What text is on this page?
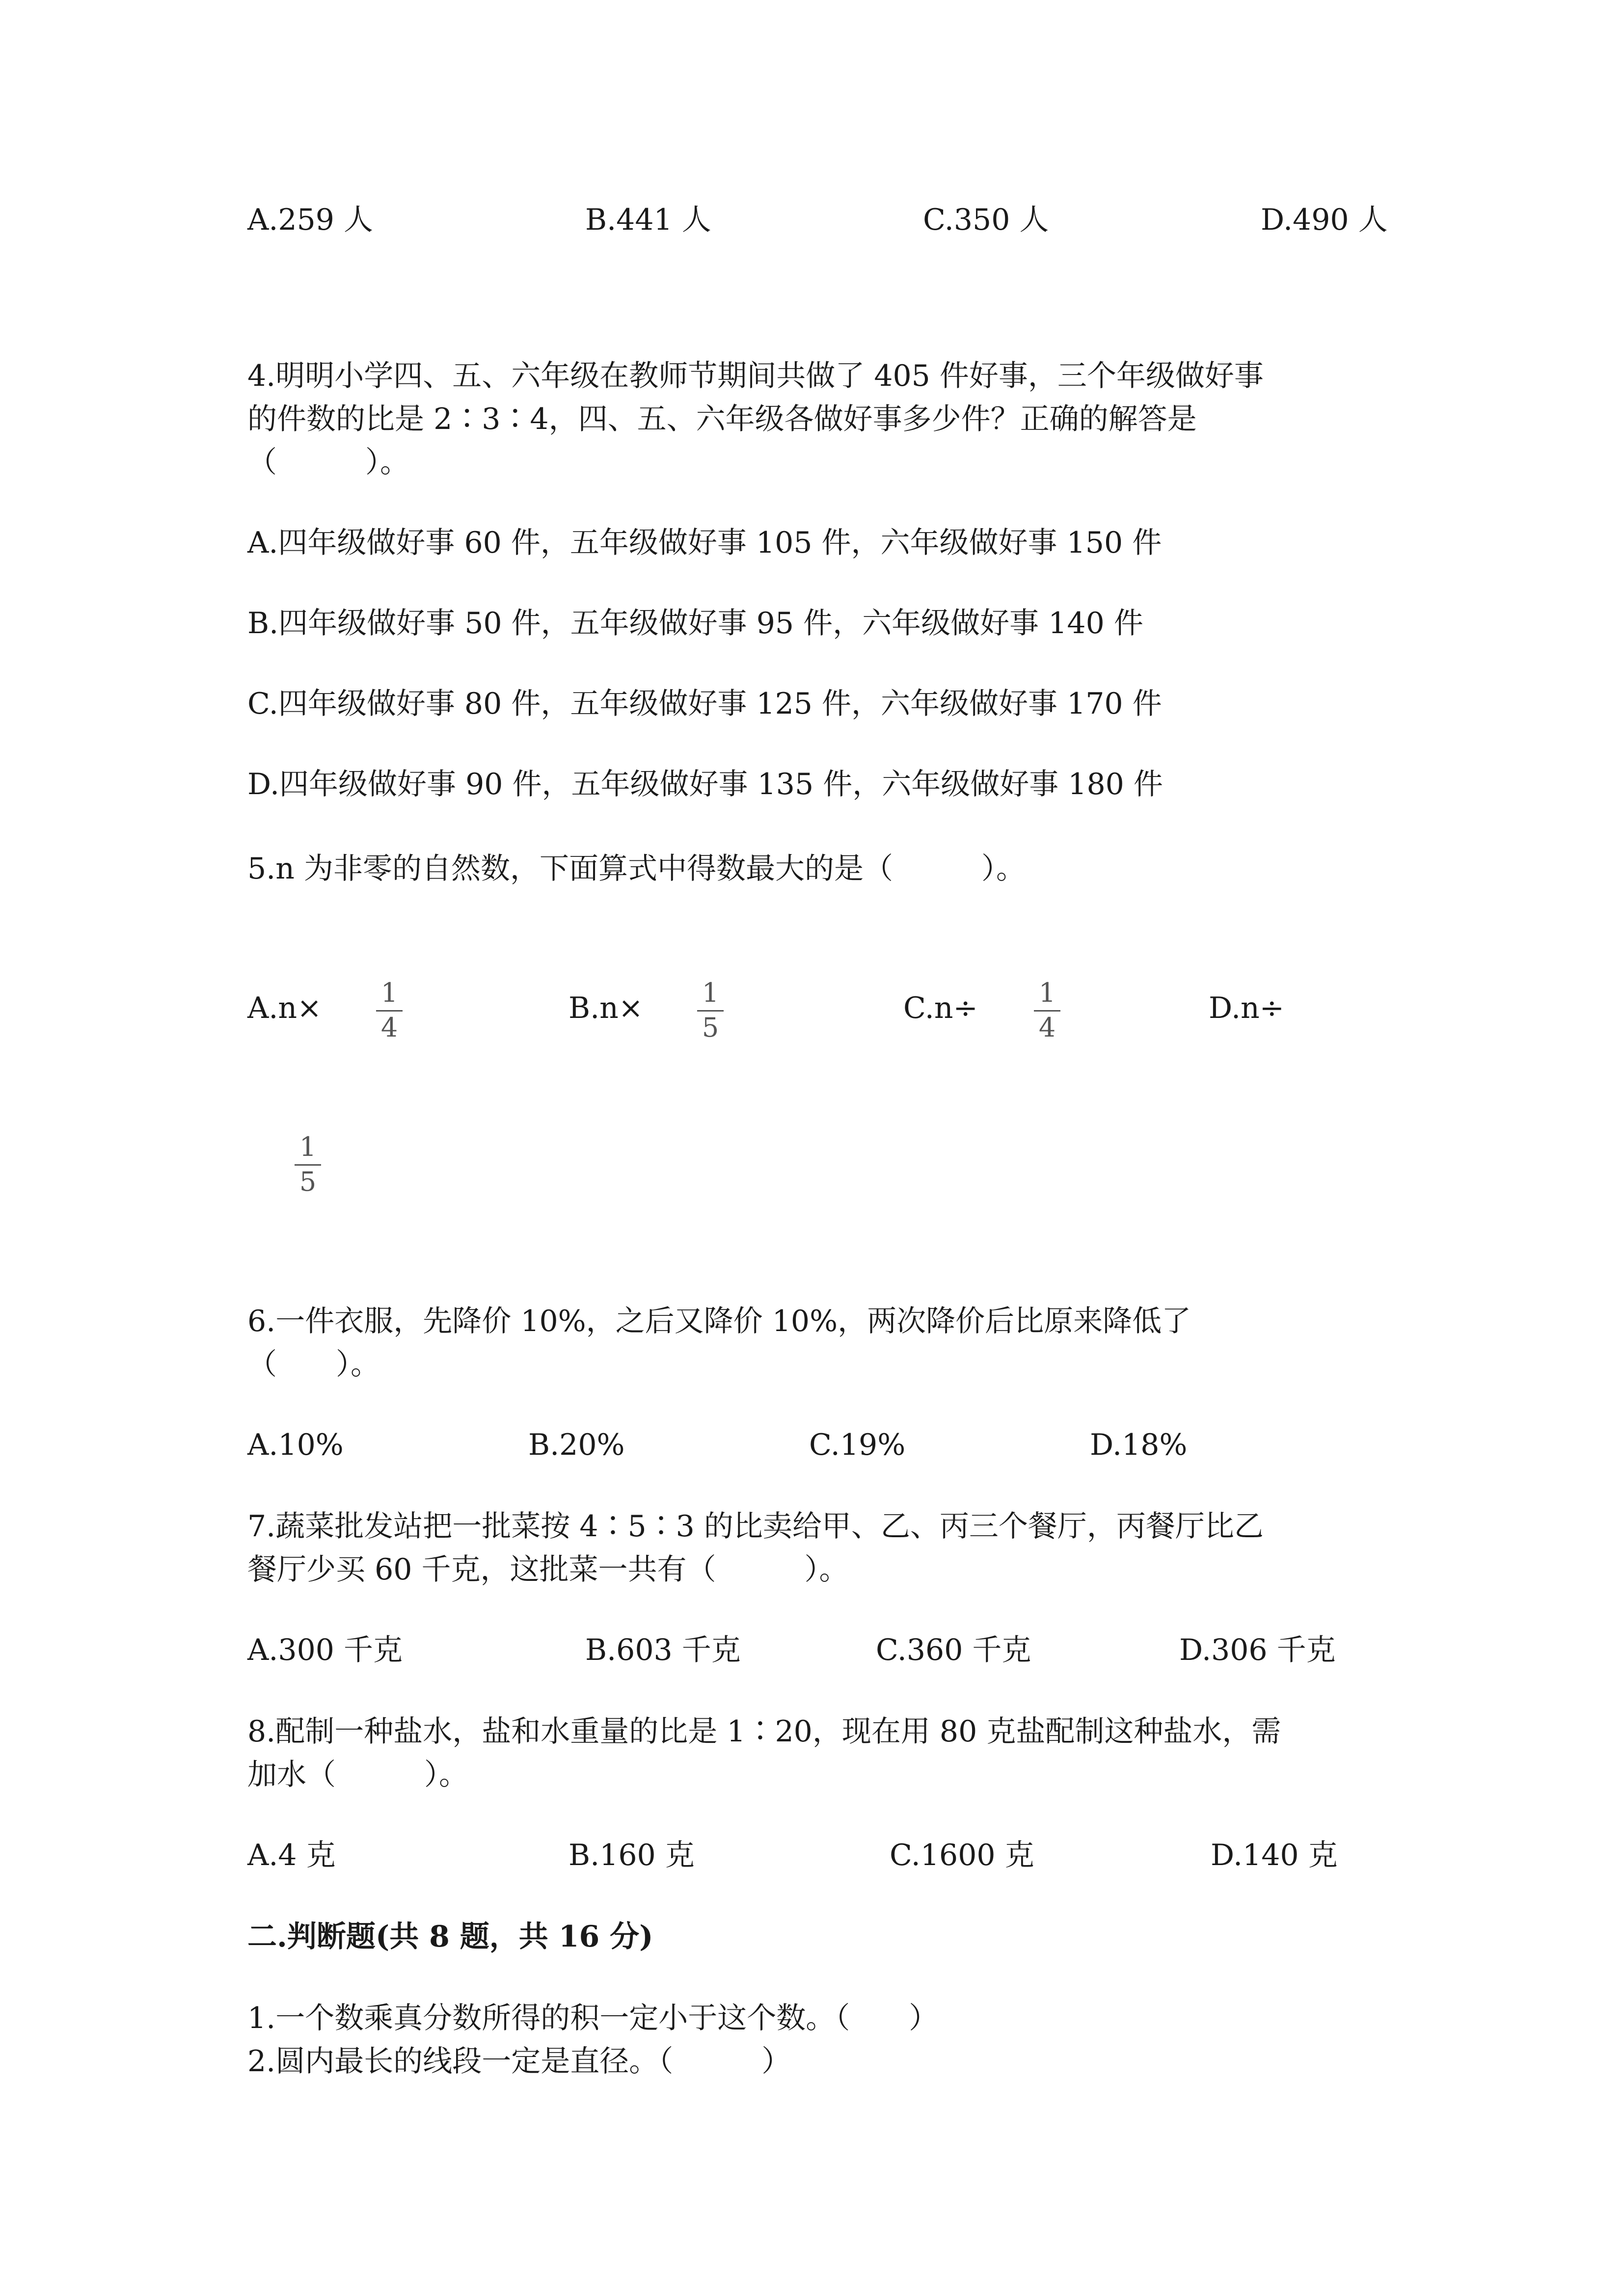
A.259 人	B.441 人	C.350 人	D.490 人
4.明明小学四、五、六年级在教师节期间共做了 405 件好事，三个年级做好事
的件数的比是 2∶3∶4，四、五、六年级各做好事多少件？正确的解答是
（　　　）。
A.四年级做好事 60 件，五年级做好事 105 件，六年级做好事 150 件
B.四年级做好事 50 件，五年级做好事 95 件，六年级做好事 140 件
C.四年级做好事 80 件，五年级做好事 125 件，六年级做好事 170 件
D.四年级做好事 90 件，五年级做好事 135 件，六年级做好事 180 件
5.n 为非零的自然数，下面算式中得数最大的是（　　　）。
A.n×	1
4
B.n×	1
5
C.n÷	1
4
D.n÷
1
5
6.一件衣服，先降价 10%，之后又降价 10%，两次降价后比原来降低了
（　　）。
A.10%	B.20%	C.19%	D.18%
7.蔬菜批发站把一批菜按 4∶5∶3 的比卖给甲、乙、丙三个餐厅，丙餐厅比乙
餐厅少买 60 千克，这批菜一共有（　　　）。
A.300 千克	B.603 千克	C.360 千克	D.306 千克
8.配制一种盐水，盐和水重量的比是 1∶20，现在用 80 克盐配制这种盐水，需
加水（　　　）。
A.4 克	B.160 克	C.1600 克	D.140 克
二.判断题(共 8 题，共 16 分)
1.一个数乘真分数所得的积一定小于这个数。（　　）
2.圆内最长的线段一定是直径。（　　　）
